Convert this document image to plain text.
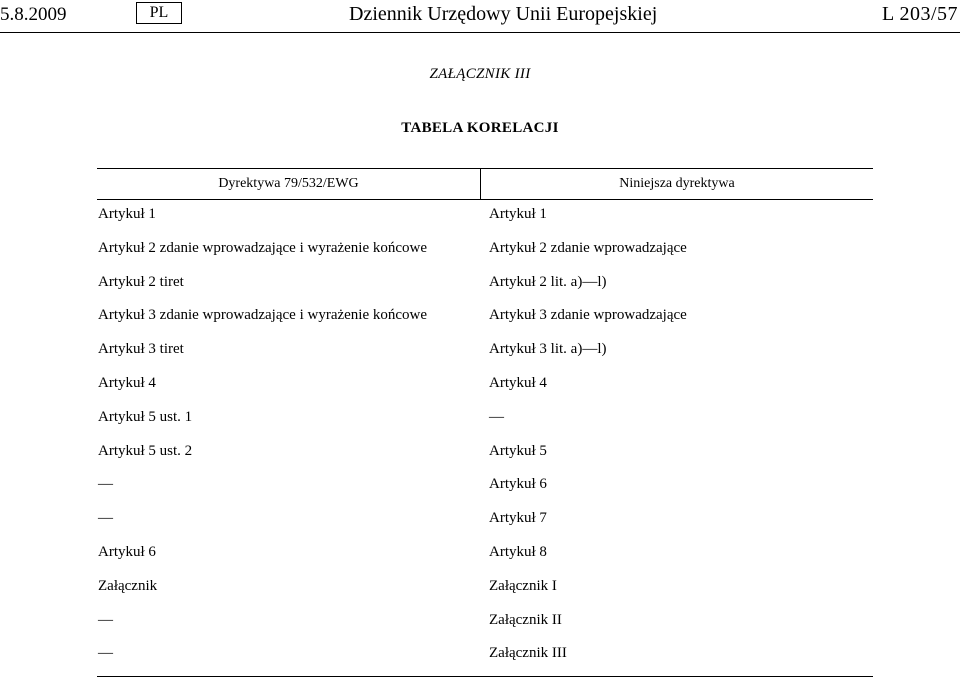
5.8.2009	PL	Dziennik Urzędowy Unii Europejskiej	L 203/57
ZAŁĄCZNIK III
TABELA KORELACJI
Dyrektywa 79/532/EWG	Niniejsza dyrektywa
Artykuł 1	Artykuł 1
Artykuł 2 zdanie wprowadzające i wyrażenie końcowe	Artykuł 2 zdanie wprowadzające
Artykuł 2 tiret	Artykuł 2 lit. a)—l)
Artykuł 3 zdanie wprowadzające i wyrażenie końcowe	Artykuł 3 zdanie wprowadzające
Artykuł 3 tiret	Artykuł 3 lit. a)—l)
Artykuł 4	Artykuł 4
Artykuł 5 ust. 1	—
Artykuł 5 ust. 2	Artykuł 5
—	Artykuł 6
—	Artykuł 7
Artykuł 6	Artykuł 8
Załącznik	Załącznik I
—	Załącznik II
—	Załącznik III
